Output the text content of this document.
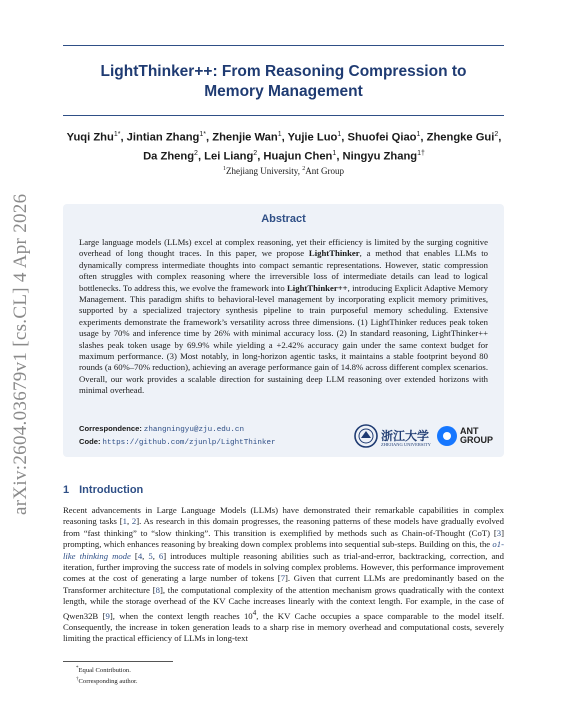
arXiv:2604.03679v1 [cs.CL] 4 Apr 2026
LightThinker++: From Reasoning Compression to
Memory Management
Yuqi Zhu$^{1*}$, Jintian Zhang$^{1*}$, Zhenjie Wan$^1$, Yujie Luo$^1$, Shuofei Qiao$^1$, Zhengke Gui$^2$,
Da Zheng$^2$, Lei Liang$^2$, Huajun Chen$^1$, Ningyu Zhang$^{1\dagger}$
$^1$Zhejiang University, $^2$Ant Group
Abstract
Large language models (LLMs) excel at complex reasoning, yet their efficiency is limited by the surging cognitive overhead of long thought traces. In this paper, we propose LightThinker, a method that enables LLMs to dynamically compress intermediate thoughts into compact semantic representations. However, static compression often struggles with complex reasoning where the irreversible loss of intermediate details can lead to logical bottlenecks. To address this, we evolve the framework into LightThinker++, introducing Explicit Adaptive Memory Management. This paradigm shifts to behavioral-level management by incorporating explicit memory primitives, supported by a specialized trajectory synthesis pipeline to train purposeful memory scheduling. Extensive experiments demonstrate the framework’s versatility across three dimensions. (1) LightThinker reduces peak token usage by 70% and inference time by 26% with minimal accuracy loss. (2) In standard reasoning, LightThinker++ slashes peak token usage by 69.9% while yielding a +2.42% accuracy gain under the same context budget for maximum performance. (3) Most notably, in long-horizon agentic tasks, it maintains a stable footprint beyond 80 rounds (a 60%–70% reduction), achieving an average performance gain of 14.8% across different complex scenarios. Overall, our work provides a scalable direction for sustaining deep LLM reasoning over extended horizons with minimal overhead.
Correspondence: zhangningyu@zju.edu.cn
Code: https://github.com/zjunlp/LightThinker	浙江大学
ZHEJIANG UNIVERSITY
ANT
GROUP
1 Introduction
Recent advancements in Large Language Models (LLMs) have demonstrated their remarkable capabilities in complex reasoning tasks [1, 2]. As research in this domain progresses, the reasoning patterns of these models have gradually evolved from “fast thinking” to “slow thinking”. This transition is exemplified by methods such as Chain-of-Thought (CoT) [3] prompting, which enhances reasoning by breaking down complex problems into sequential sub-steps. Building on this, the o1-like thinking mode [4, 5, 6] introduces multiple reasoning abilities such as trial-and-error, backtracking, correction, and iteration, further improving the success rate of models in solving complex problems. However, this performance improvement comes at the cost of generating a large number of tokens [7]. Given that current LLMs are predominantly based on the Transformer architecture [8], the computational complexity of the attention mechanism grows quadratically with the context length, while the storage overhead of the KV Cache increases linearly with the context length. For example, in the case of Qwen32B [9], when the context length reaches $10^4$, the KV Cache occupies a space comparable to the model itself. Consequently, the increase in token generation leads to a sharp rise in memory overhead and computational costs, severely limiting the practical efficiency of LLMs in long-text
*Equal Contribution.
†Corresponding author.
